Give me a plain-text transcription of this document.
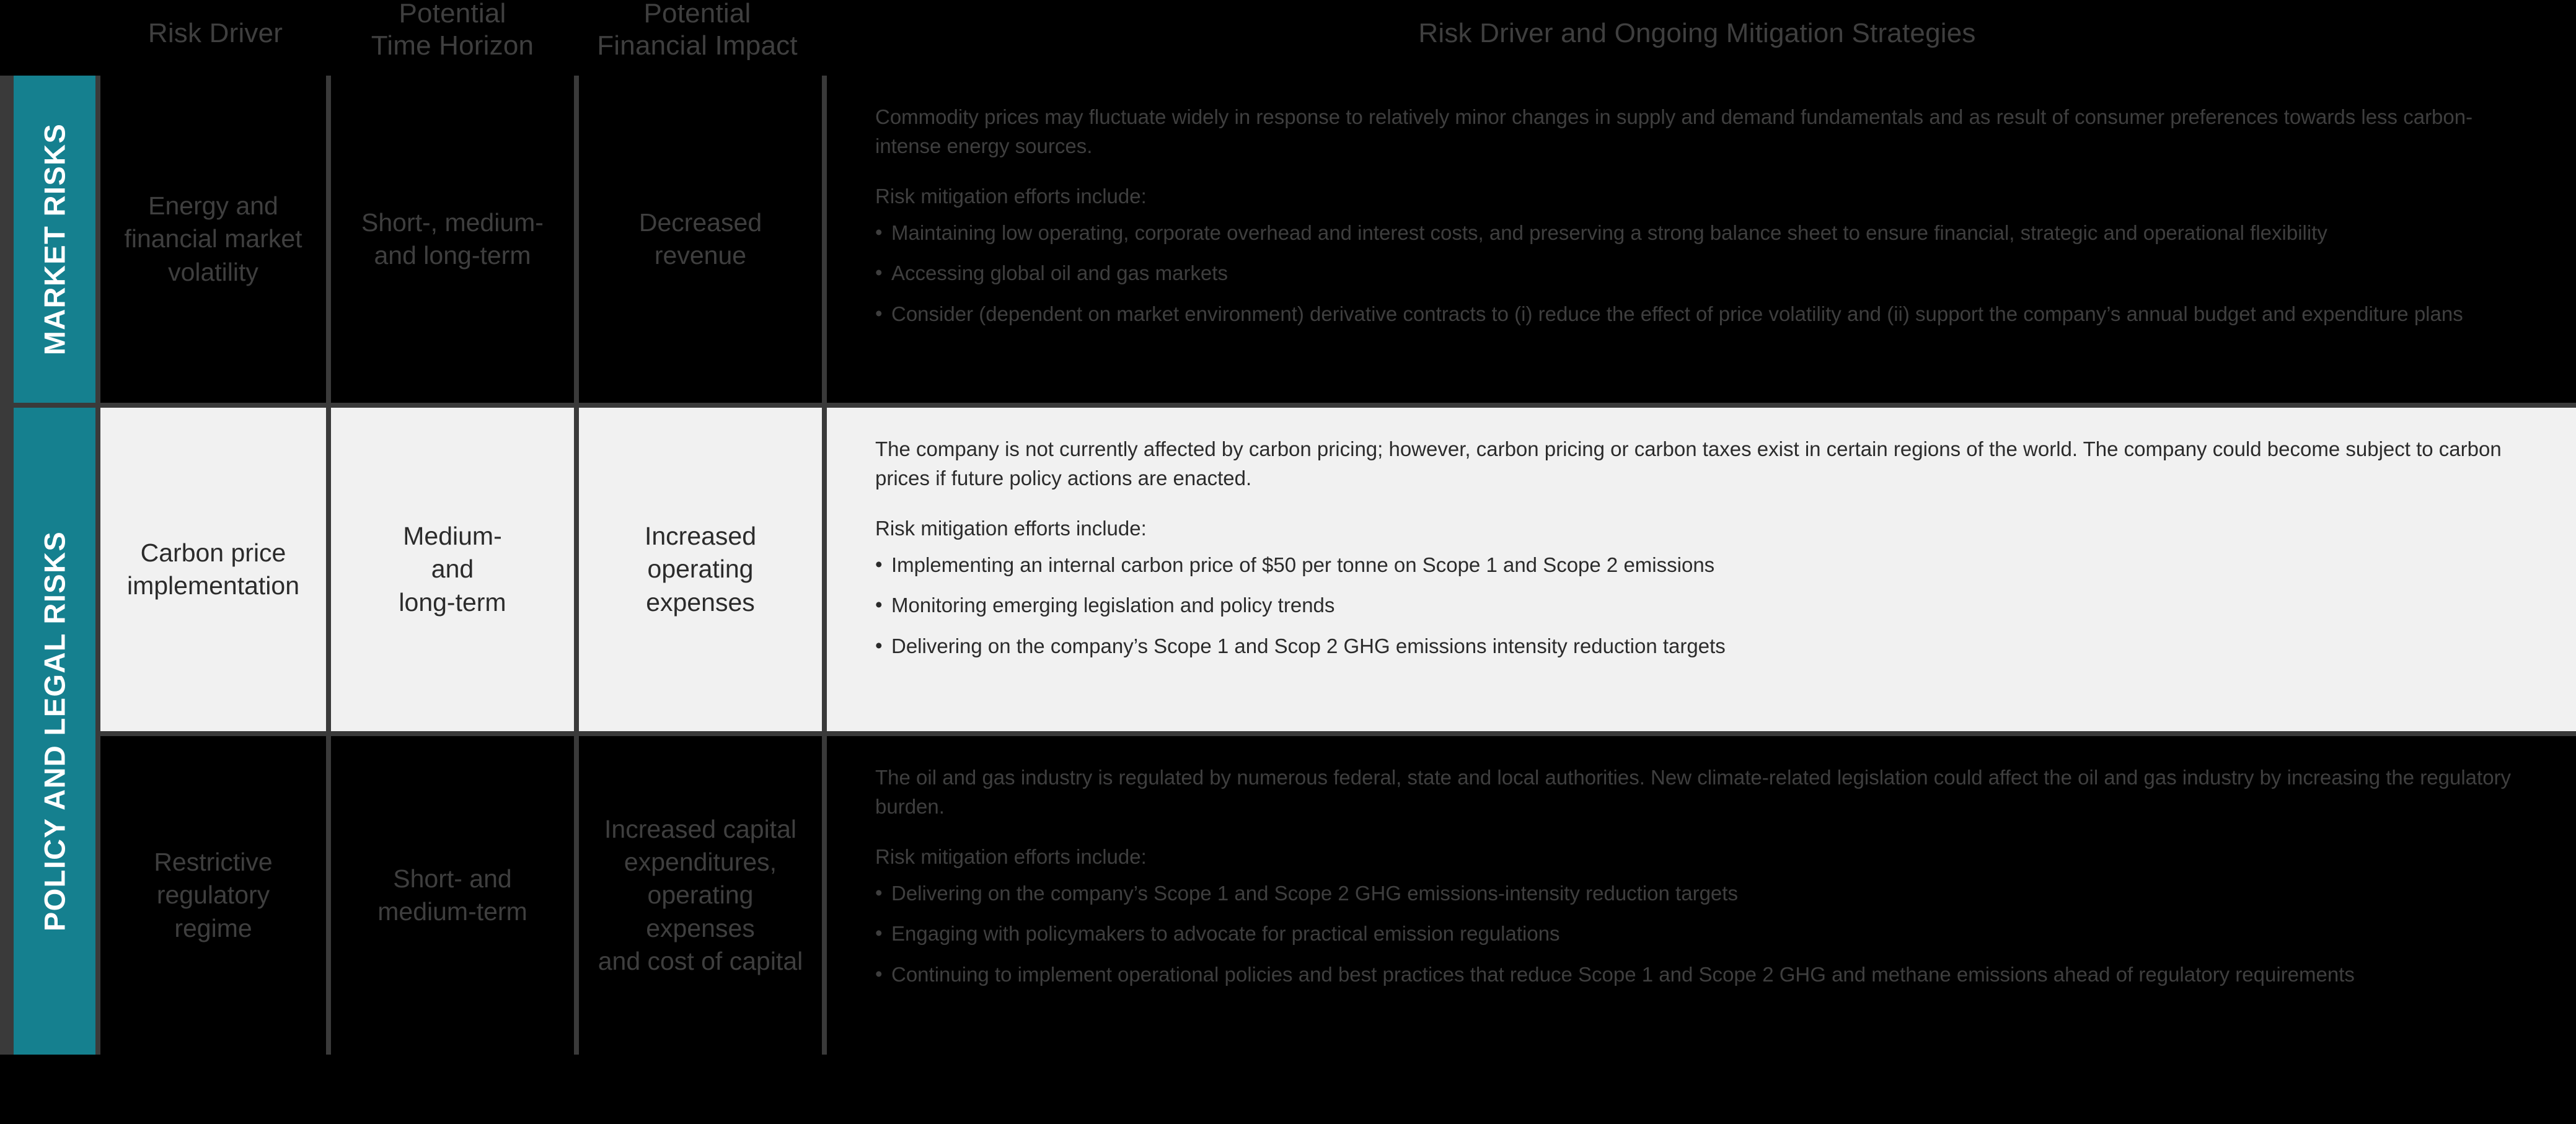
Risk Driver
Potential
Time Horizon
Potential
Financial Impact	Risk Driver and Ongoing Mitigation Strategies
MARKET RISKS
POLICY AND LEGAL RISKS
Energy and
financial market
volatility
Short-, medium-
and long-term
Decreased
revenue

Commodity prices may fluctuate widely in response to relatively minor changes in supply and demand fundamentals and as result of consumer preferences towards less carbon-intense energy sources.

Risk mitigation efforts include:

• Maintaining low operating, corporate overhead and interest costs, and preserving a strong balance sheet to ensure financial, strategic and operational flexibility
• Accessing global oil and gas markets
• Consider (dependent on market environment) derivative contracts to (i) reduce the effect of price volatility and (ii) support the company’s annual budget and expenditure plans
Carbon price
implementation
Medium-
and
long-term
Increased
operating
expenses

The company is not currently affected by carbon pricing; however, carbon pricing or carbon taxes exist in certain regions of the world. The company could become subject to carbon prices if future policy actions are enacted.

Risk mitigation efforts include:

• Implementing an internal carbon price of $50 per tonne on Scope 1 and Scope 2 emissions
• Monitoring emerging legislation and policy trends
• Delivering on the company’s Scope 1 and Scop 2 GHG emissions intensity reduction targets
Restrictive
regulatory
regime
Short- and
medium-term
Increased capital
expenditures,
operating expenses
and cost of capital

The oil and gas industry is regulated by numerous federal, state and local authorities. New climate-related legislation could affect the oil and gas industry by increasing the regulatory burden.

Risk mitigation efforts include:

• Delivering on the company’s Scope 1 and Scope 2 GHG emissions-intensity reduction targets
• Engaging with policymakers to advocate for practical emission regulations
• Continuing to implement operational policies and best practices that reduce Scope 1 and Scope 2 GHG and methane emissions ahead of regulatory requirements
